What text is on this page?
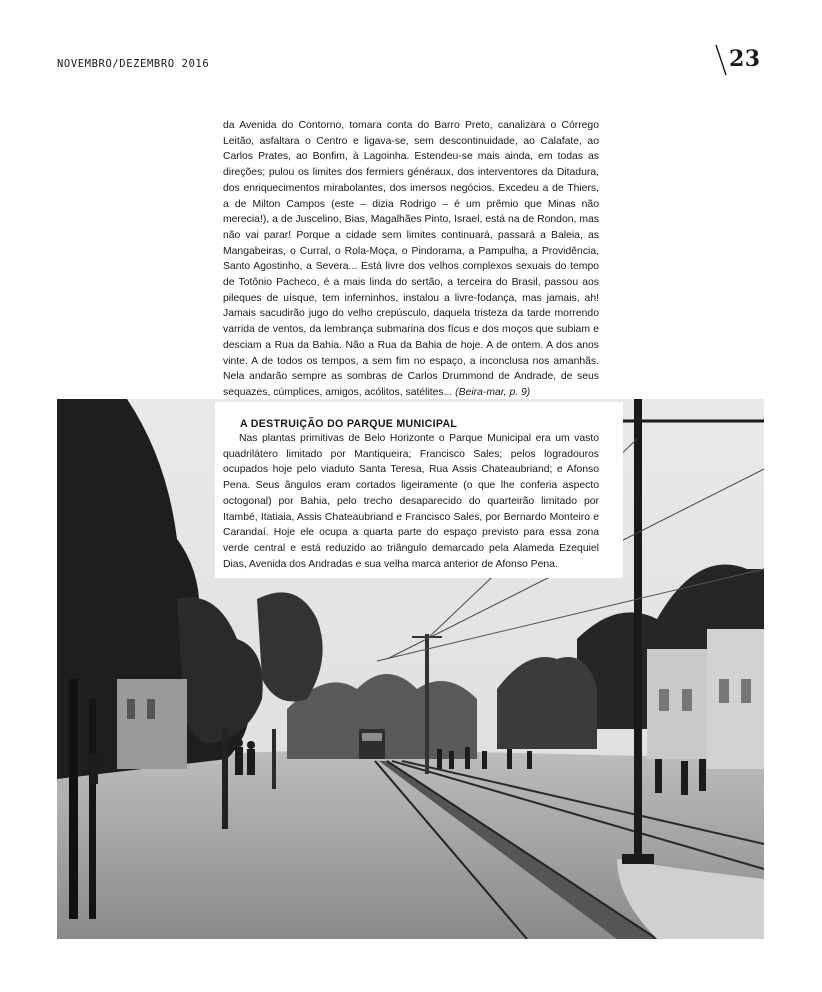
NOVEMBRO/DEZEMBRO 2016	23

da Avenida do Contorno, tomara conta do Barro Preto, canalizara o Córrego Leitão, asfaltara o Centro e ligava-se, sem descontinuidade, ao Calafate, ao Carlos Prates, ao Bonfim, à Lagoinha. Estendeu-se mais ainda, em todas as direções; pulou os limites dos fermiers généraux, dos interventores da Ditadura, dos enriquecimentos mirabolantes, dos imersos negócios. Excedeu a de Thiers, a de Milton Campos (este – dizia Rodrigo – é um prêmio que Minas não merecia!), a de Juscelino, Bias, Magalhães Pinto, Israel, está na de Rondon, mas não vai parar! Porque a cidade sem limites continuará, passará a Baleia, as Mangabeiras, o Curral, o Rola-Moça, o Pindorama, a Pampulha, a Providência, Santo Agostinho, a Severa... Está livre dos velhos complexos sexuais do tempo de Totônio Pacheco, é a mais linda do sertão, a terceira do Brasil, passou aos pileques de uísque, tem inferninhos, instalou a livre-fodança, mas jamais, ah! Jamais sacudirão jugo do velho crepúsculo, daquela tristeza da tarde morrendo varrida de ventos, da lembrança submarina dos fícus e dos moços que subiam e desciam a Rua da Bahia. Não a Rua da Bahia de hoje. A de ontem. A dos anos vinte. A de todos os tempos, a sem fim no espaço, a inconclusa nos amanhãs. Nela andarão sempre as sombras de Carlos Drummond de Andrade, de seus sequazes, cúmplices, amigos, acólitos, satélites... (Beira-mar, p. 9)

A DESTRUIÇÃO DO PARQUE MUNICIPAL

Nas plantas primitivas de Belo Horizonte o Parque Municipal era um vasto quadrilátero limitado por Mantiqueira; Francisco Sales; pelos logradouros ocupados hoje pelo viaduto Santa Teresa, Rua Assis Chateaubriand; e Afonso Pena. Seus ângulos eram cortados ligeiramente (o que lhe conferia aspecto octogonal) por Bahia, pelo trecho desaparecido do quarteirão limitado por Itambé, Itatiaia, Assis Chateaubriand e Francisco Sales, por Bernardo Monteiro e Carandaí. Hoje ele ocupa a quarta parte do espaço previsto para essa zona verde central e está reduzido ao triângulo demarcado pela Alameda Ezequiel Dias, Avenida dos Andradas e sua velha marca anterior de Afonso Pena.
